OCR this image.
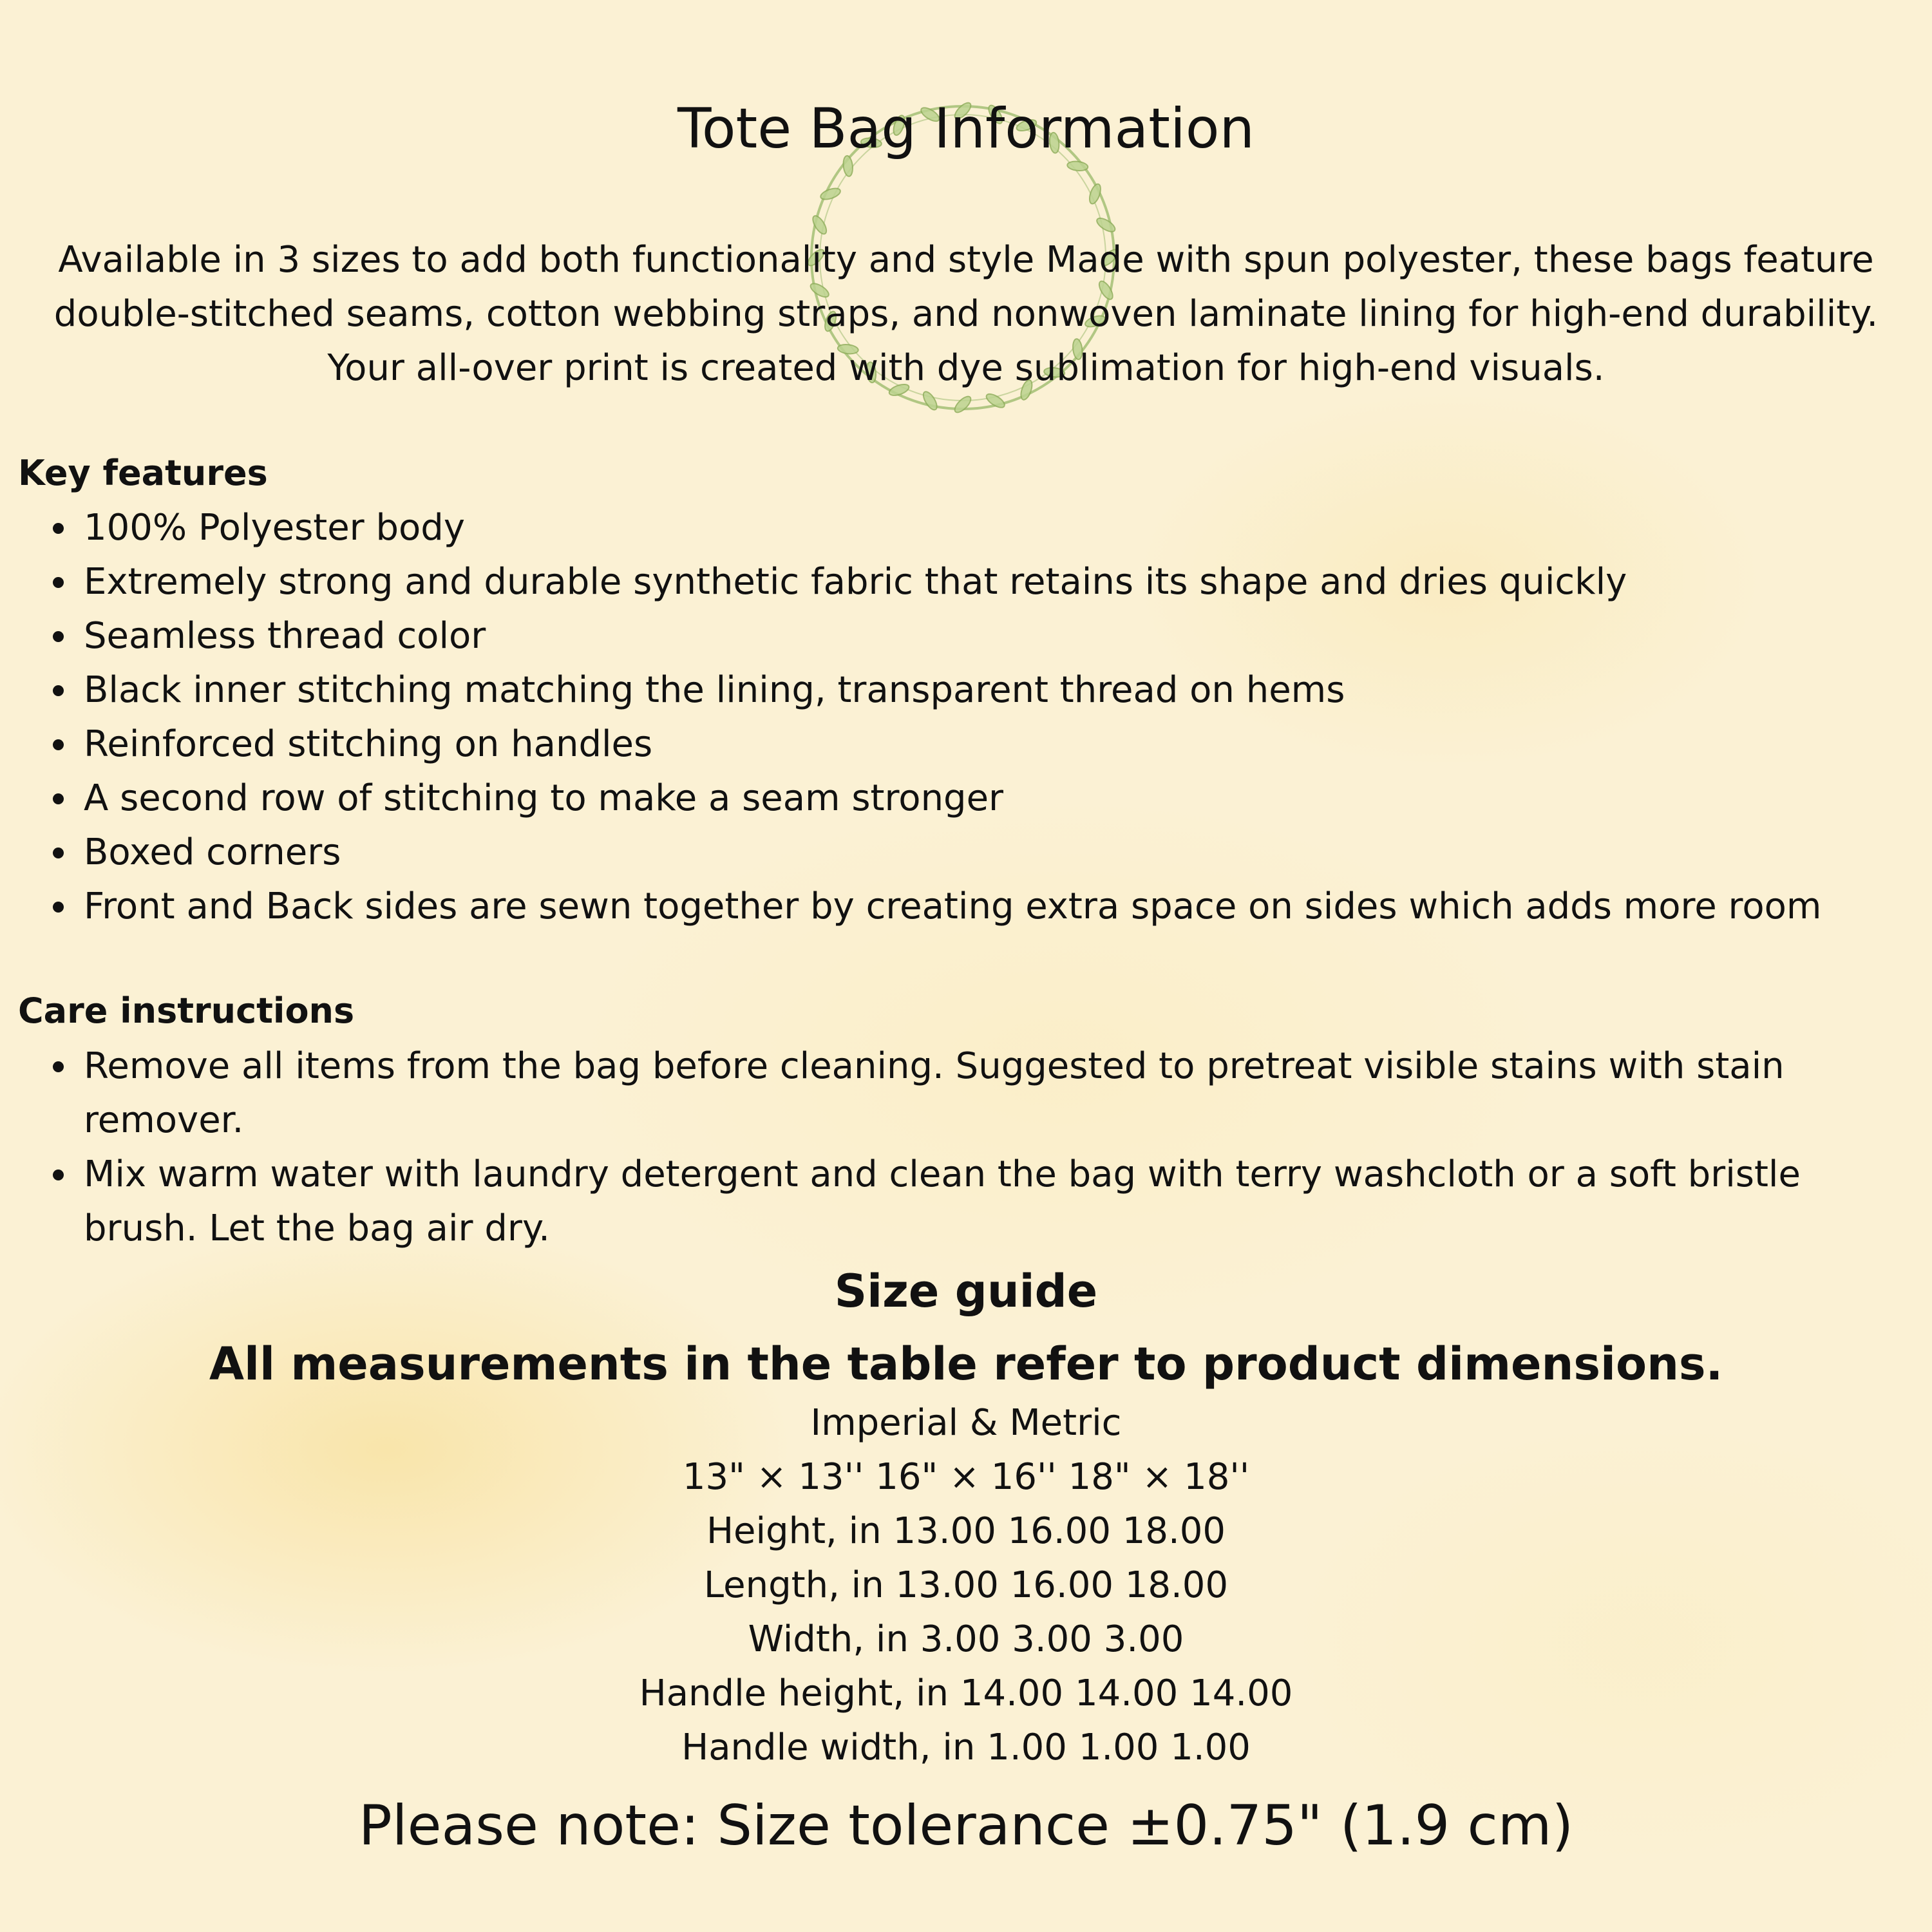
Tote Bag Information
Available in 3 sizes to add both functionality and style Made with spun polyester, these bags feature
double-stitched seams, cotton webbing straps, and nonwoven laminate lining for high-end durability.
Your all-over print is created with dye sublimation for high-end visuals.
Key features
100% Polyester body
Extremely strong and durable synthetic fabric that retains its shape and dries quickly
Seamless thread color
Black inner stitching matching the lining, transparent thread on hems
Reinforced stitching on handles
A second row of stitching to make a seam stronger
Boxed corners
Front and Back sides are sewn together by creating extra space on sides which adds more room
Care instructions
Remove all items from the bag before cleaning. Suggested to pretreat visible stains with stain
remover.
Mix warm water with laundry detergent and clean the bag with terry washcloth or a soft bristle
brush. Let the bag air dry.
Size guide
All measurements in the table refer to product dimensions.
Imperial & Metric
13" × 13'' 16" × 16'' 18" × 18''
Height, in 13.00 16.00 18.00
Length, in 13.00 16.00 18.00
Width, in 3.00 3.00 3.00
Handle height, in 14.00 14.00 14.00
Handle width, in 1.00 1.00 1.00
Please note: Size tolerance ±0.75" (1.9 cm)
